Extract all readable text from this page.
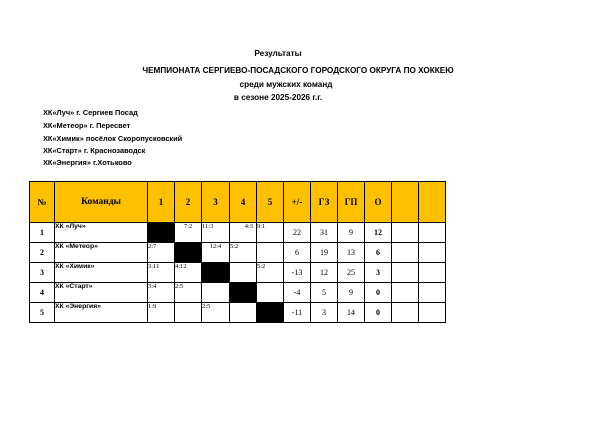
Результаты
ЧЕМПИОНАТА СЕРГИЕВО-ПОСАДСКОГО ГОРОДСКОГО ОКРУГА ПО ХОККЕЮ
среди мужских команд
в сезоне 2025-2026 г.г.
ХК«Луч» г. Сергиев Посад
ХК«Метеор» г. Пересвет
ХК«Химик» посёлок Скоропусковский
ХК«Старт» г. Краснозаводск
ХК«Энергия» г.Хотьково
№	Команды	1	2	3	4	5	+/-	ГЗ	ГП	О		
1	ХК «Луч»		7:2	11:3	4:3	9:1	22	31	9	12		
2	ХК «Метеор»	2:7		12:4	5:2		6	19	13	6		
3	ХК «Химик»	3:11	4:12			5:2	-13	12	25	3		
4	ХК «Старт»	3:4	2:5				-4	5	9	0		
5	ХК «Энергия»	1:9		2:5			-11	3	14	0		
